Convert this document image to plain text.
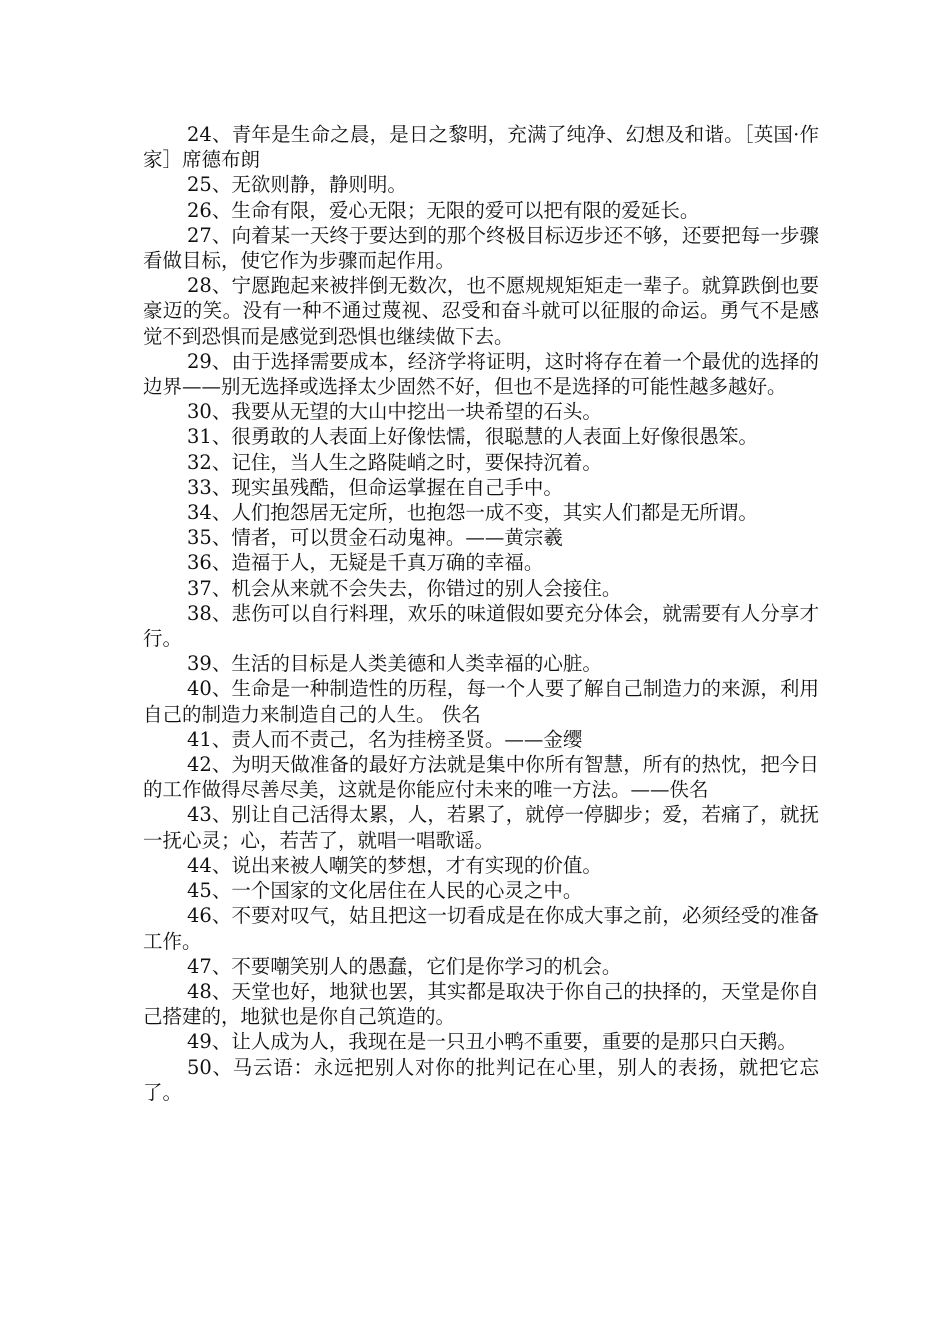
24、青年是生命之晨，是日之黎明，充满了纯净、幻想及和谐。［英国·作家］席德布朗

25、无欲则静，静则明。

26、生命有限，爱心无限；无限的爱可以把有限的爱延长。

27、向着某一天终于要达到的那个终极目标迈步还不够，还要把每一步骤看做目标，使它作为步骤而起作用。

28、宁愿跑起来被拌倒无数次，也不愿规规矩矩走一辈子。就算跌倒也要豪迈的笑。没有一种不通过蔑视、忍受和奋斗就可以征服的命运。勇气不是感觉不到恐惧而是感觉到恐惧也继续做下去。

29、由于选择需要成本，经济学将证明，这时将存在着一个最优的选择的边界——别无选择或选择太少固然不好，但也不是选择的可能性越多越好。

30、我要从无望的大山中挖出一块希望的石头。

31、很勇敢的人表面上好像怯懦，很聪慧的人表面上好像很愚笨。

32、记住，当人生之路陡峭之时，要保持沉着。

33、现实虽残酷，但命运掌握在自己手中。

34、人们抱怨居无定所，也抱怨一成不变，其实人们都是无所谓。

35、情者，可以贯金石动鬼神。——黄宗羲

36、造福于人，无疑是千真万确的幸福。

37、机会从来就不会失去，你错过的别人会接住。

38、悲伤可以自行料理，欢乐的味道假如要充分体会，就需要有人分享才行。

39、生活的目标是人类美德和人类幸福的心脏。

40、生命是一种制造性的历程，每一个人要了解自己制造力的来源，利用自己的制造力来制造自己的人生。 佚名

41、责人而不责己，名为挂榜圣贤。——金缨

42、为明天做准备的最好方法就是集中你所有智慧，所有的热忱，把今日的工作做得尽善尽美，这就是你能应付未来的唯一方法。——佚名

43、别让自己活得太累，人，若累了，就停一停脚步；爱，若痛了，就抚一抚心灵；心，若苦了，就唱一唱歌谣。

44、说出来被人嘲笑的梦想，才有实现的价值。

45、一个国家的文化居住在人民的心灵之中。

46、不要对叹气，姑且把这一切看成是在你成大事之前，必须经受的准备工作。

47、不要嘲笑别人的愚蠢，它们是你学习的机会。

48、天堂也好，地狱也罢，其实都是取决于你自己的抉择的，天堂是你自己搭建的，地狱也是你自己筑造的。

49、让人成为人，我现在是一只丑小鸭不重要，重要的是那只白天鹅。

50、马云语：永远把别人对你的批判记在心里，别人的表扬，就把它忘了。
